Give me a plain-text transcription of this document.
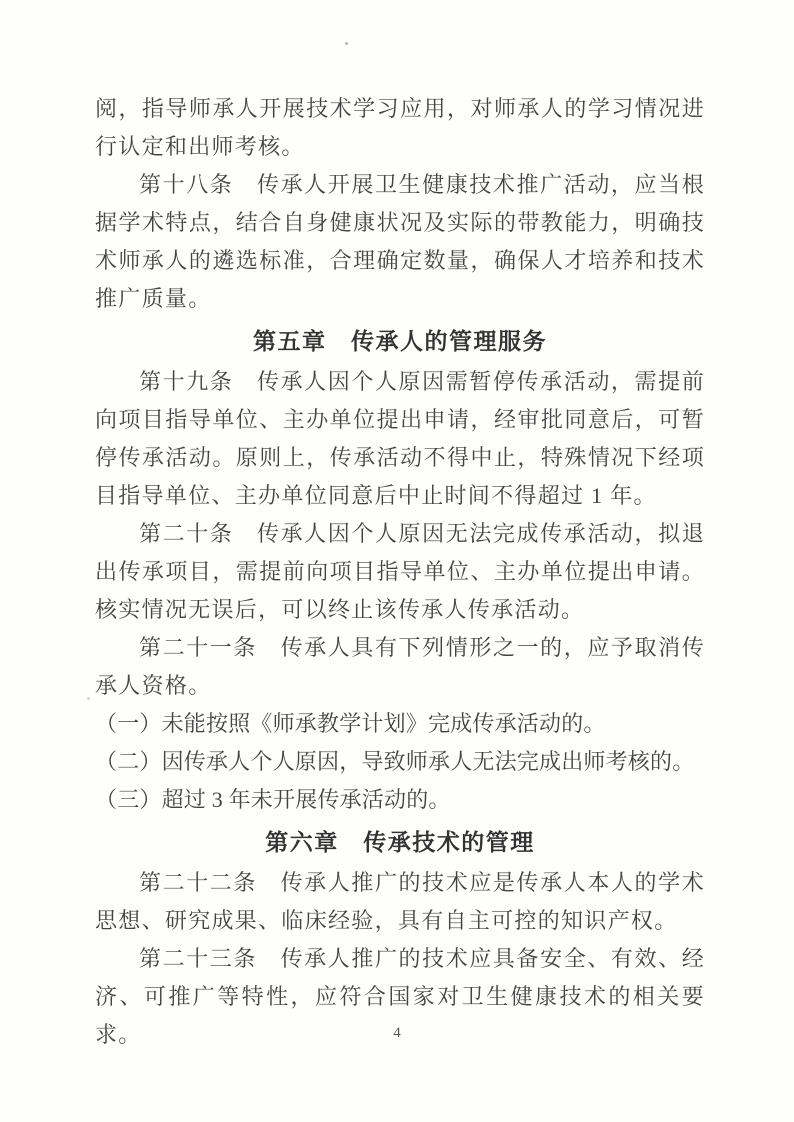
阅，指导师承人开展技术学习应用，对师承人的学习情况进行认定和出师考核。

第十八条　传承人开展卫生健康技术推广活动，应当根据学术特点，结合自身健康状况及实际的带教能力，明确技术师承人的遴选标准，合理确定数量，确保人才培养和技术推广质量。

第五章　传承人的管理服务

第十九条　传承人因个人原因需暂停传承活动，需提前向项目指导单位、主办单位提出申请，经审批同意后，可暂停传承活动。原则上，传承活动不得中止，特殊情况下经项目指导单位、主办单位同意后中止时间不得超过 1 年。

第二十条　传承人因个人原因无法完成传承活动，拟退出传承项目，需提前向项目指导单位、主办单位提出申请。核实情况无误后，可以终止该传承人传承活动。

第二十一条　传承人具有下列情形之一的，应予取消传承人资格。

（一）未能按照《师承教学计划》完成传承活动的。

（二）因传承人个人原因，导致师承人无法完成出师考核的。

（三）超过 3 年未开展传承活动的。

第六章　传承技术的管理

第二十二条　传承人推广的技术应是传承人本人的学术思想、研究成果、临床经验，具有自主可控的知识产权。

第二十三条　传承人推广的技术应具备安全、有效、经济、可推广等特性，应符合国家对卫生健康技术的相关要求。	4
